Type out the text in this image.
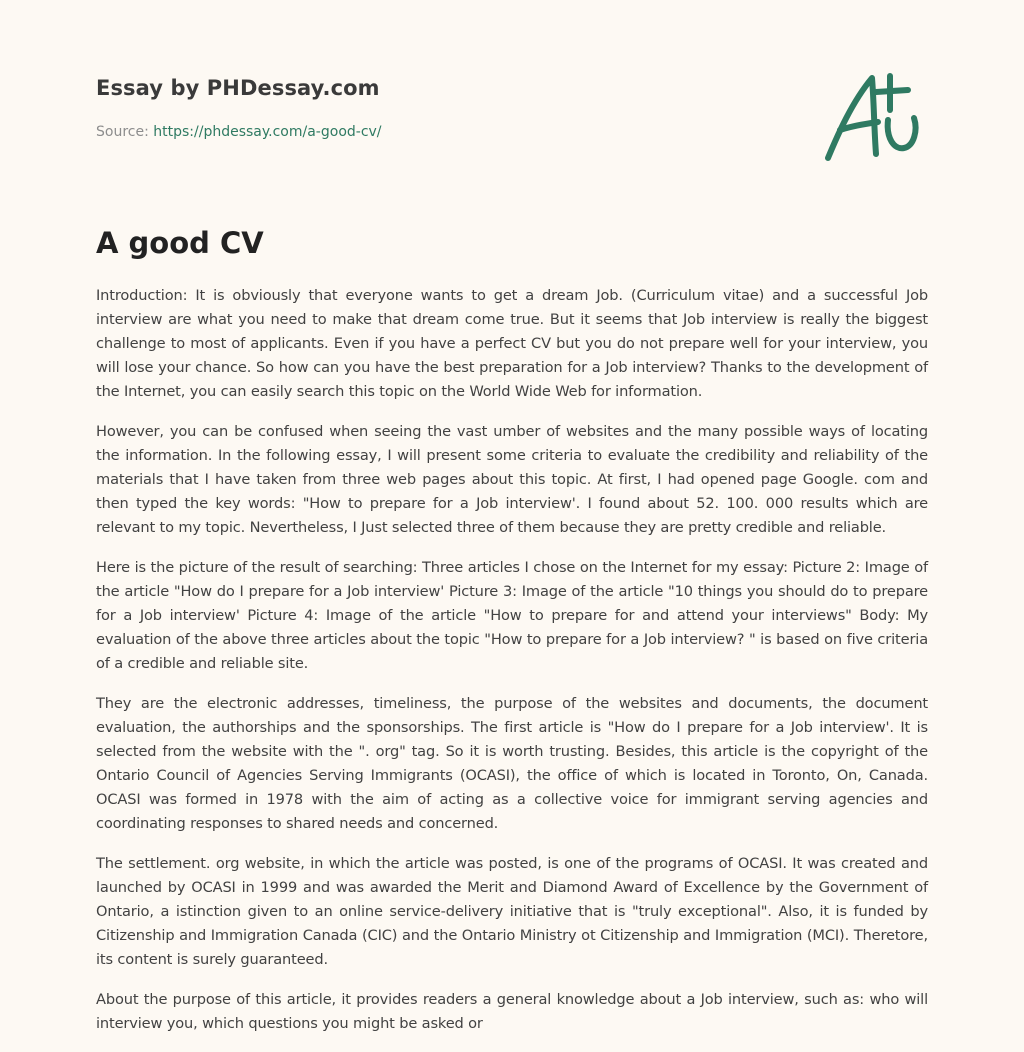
Essay by PHDessay.com
Source: https://phdessay.com/a-good-cv/
A good CV

Introduction: It is obviously that everyone wants to get a dream Job. (Curriculum vitae) and a successful Job interview are what you need to make that dream come true. But it seems that Job interview is really the biggest challenge to most of applicants. Even if you have a perfect CV but you do not prepare well for your interview, you will lose your chance. So how can you have the best preparation for a Job interview? Thanks to the development of the Internet, you can easily search this topic on the World Wide Web for information.

However, you can be confused when seeing the vast umber of websites and the many possible ways of locating the information. In the following essay, I will present some criteria to evaluate the credibility and reliability of the materials that I have taken from three web pages about this topic. At first, I had opened page Google. com and then typed the key words: "How to prepare for a Job interview'. I found about 52. 100. 000 results which are relevant to my topic. Nevertheless, I Just selected three of them because they are pretty credible and reliable.

Here is the picture of the result of searching: Three articles I chose on the Internet for my essay: Picture 2: Image of the article "How do I prepare for a Job interview' Picture 3: Image of the article "10 things you should do to prepare for a Job interview' Picture 4: Image of the article "How to prepare for and attend your interviews" Body: My evaluation of the above three articles about the topic "How to prepare for a Job interview? " is based on five criteria of a credible and reliable site.

They are the electronic addresses, timeliness, the purpose of the websites and documents, the document evaluation, the authorships and the sponsorships. The first article is "How do I prepare for a Job interview'. It is selected from the website with the ". org" tag. So it is worth trusting. Besides, this article is the copyright of the Ontario Council of Agencies Serving Immigrants (OCASI), the office of which is located in Toronto, On, Canada. OCASI was formed in 1978 with the aim of acting as a collective voice for immigrant serving agencies and coordinating responses to shared needs and concerned.

The settlement. org website, in which the article was posted, is one of the programs of OCASI. It was created and launched by OCASI in 1999 and was awarded the Merit and Diamond Award of Excellence by the Government of Ontario, a istinction given to an online service-delivery initiative that is "truly exceptional". Also, it is funded by Citizenship and Immigration Canada (CIC) and the Ontario Ministry ot Citizenship and Immigration (MCI). Theretore, its content is surely guaranteed.

About the purpose of this article, it provides readers a general knowledge about a Job interview, such as: who will interview you, which questions you might be asked or
